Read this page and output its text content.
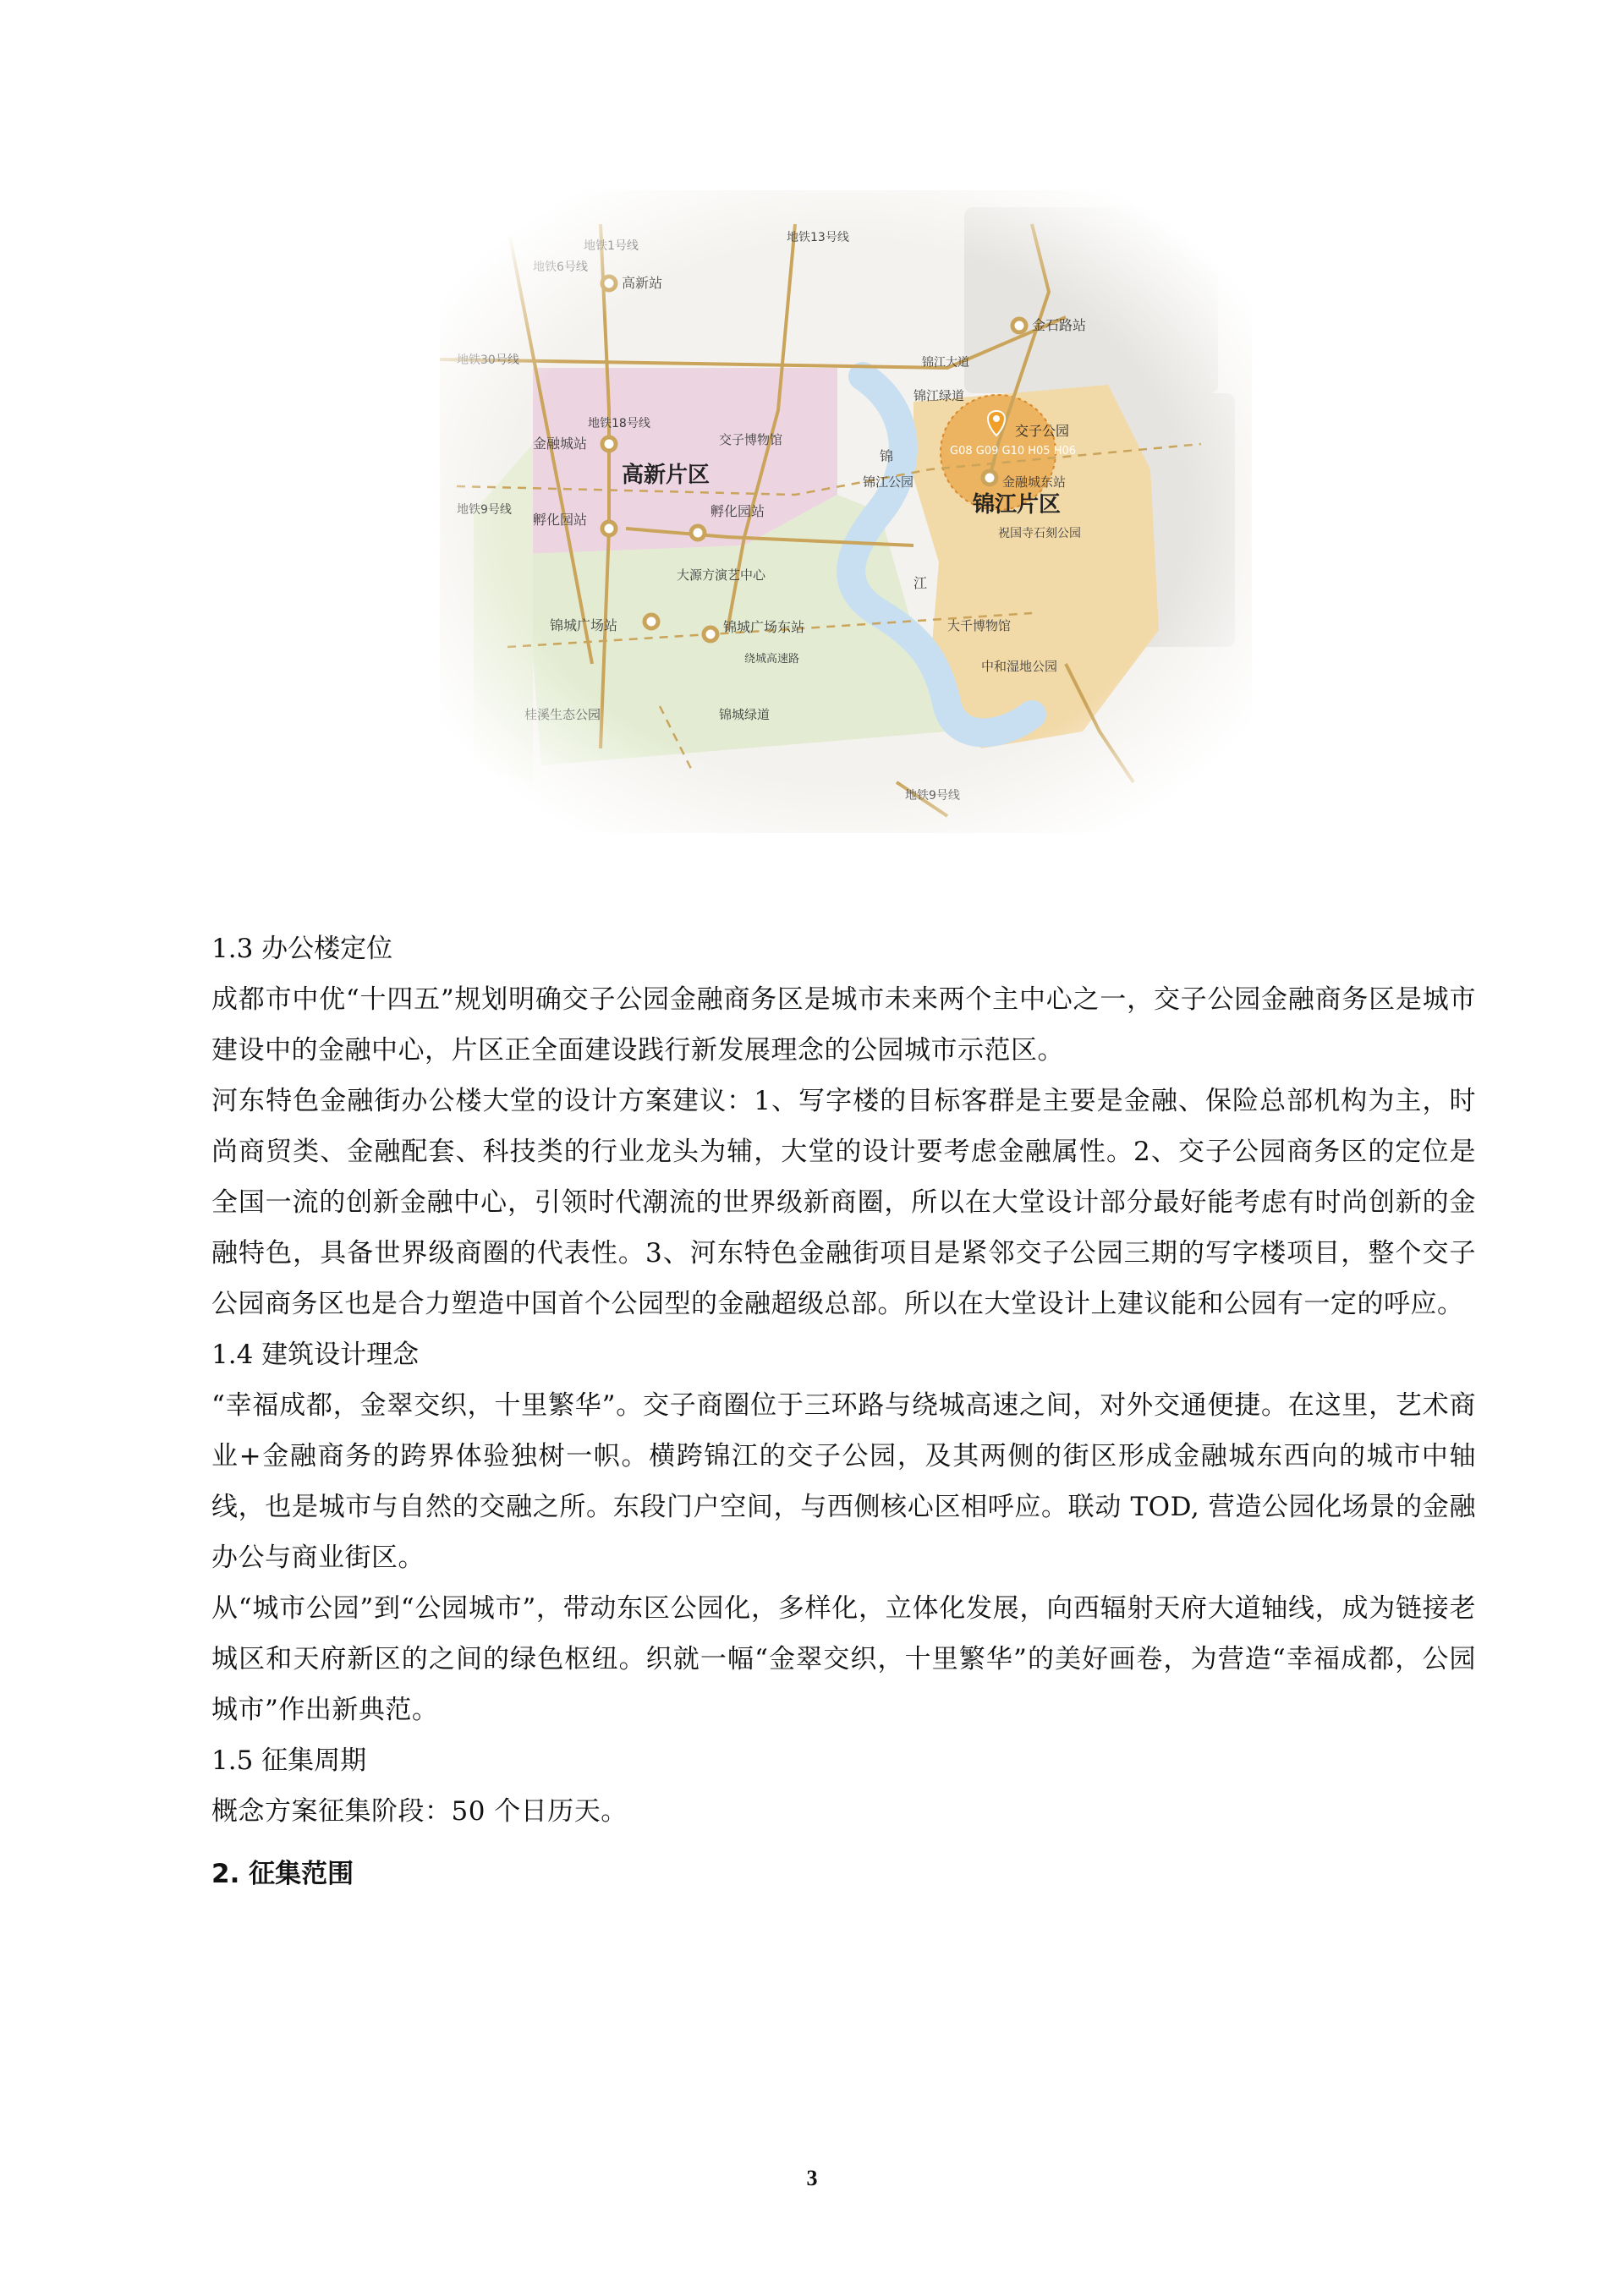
1.3 办公楼定位

成都市中优“十四五”规划明确交子公园金融商务区是城市未来两个主中心之一，交子公园金融商务区是城市建设中的金融中心，片区正全面建设践行新发展理念的公园城市示范区。

河东特色金融街办公楼大堂的设计方案建议：1、写字楼的目标客群是主要是金融、保险总部机构为主，时尚商贸类、金融配套、科技类的行业龙头为辅，大堂的设计要考虑金融属性。2、交子公园商务区的定位是全国一流的创新金融中心，引领时代潮流的世界级新商圈，所以在大堂设计部分最好能考虑有时尚创新的金融特色，具备世界级商圈的代表性。3、河东特色金融街项目是紧邻交子公园三期的写字楼项目，整个交子公园商务区也是合力塑造中国首个公园型的金融超级总部。所以在大堂设计上建议能和公园有一定的呼应。

1.4 建筑设计理念

“幸福成都，金翠交织，十里繁华”。交子商圈位于三环路与绕城高速之间，对外交通便捷。在这里，艺术商业+金融商务的跨界体验独树一帜。横跨锦江的交子公园，及其两侧的街区形成金融城东西向的城市中轴线，也是城市与自然的交融之所。东段门户空间，与西侧核心区相呼应。联动 TOD, 营造公园化场景的金融办公与商业街区。

从“城市公园”到“公园城市”，带动东区公园化，多样化，立体化发展，向西辐射天府大道轴线，成为链接老城区和天府新区的之间的绿色枢纽。织就一幅“金翠交织，十里繁华”的美好画卷，为营造“幸福成都，公园城市”作出新典范。

1.5 征集周期

概念方案征集阶段：50 个日历天。

2. 征集范围

3
